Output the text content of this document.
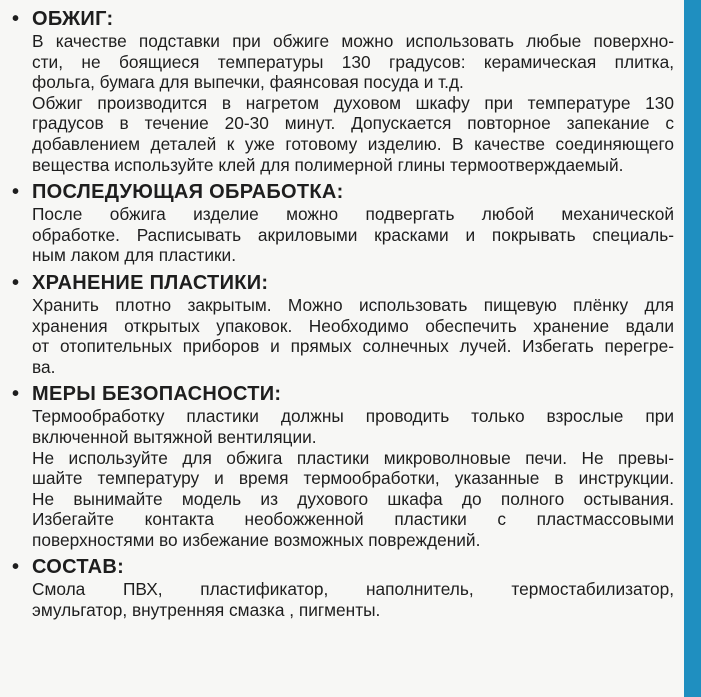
• ОБЖИГ:
В качестве подставки при обжиге можно использовать любые поверхно-
сти, не боящиеся температуры 130 градусов: керамическая плитка,
фольга, бумага для выпечки, фаянсовая посуда и т.д.
Обжиг производится в нагретом духовом шкафу при температуре 130
градусов в течение 20-30 минут. Допускается повторное запекание с
добавлением деталей к уже готовому изделию. В качестве соединяющего
вещества используйте клей для полимерной глины термоотверждаемый.
• ПОСЛЕДУЮЩАЯ ОБРАБОТКА:
После обжига изделие можно подвергать любой механической
обработке. Расписывать акриловыми красками и покрывать специаль-
ным лаком для пластики.
• ХРАНЕНИЕ ПЛАСТИКИ:
Хранить плотно закрытым. Можно использовать пищевую плёнку для
хранения открытых упаковок. Необходимо обеспечить хранение вдали
от отопительных приборов и прямых солнечных лучей. Избегать перегре-
ва.
• МЕРЫ БЕЗОПАСНОСТИ:
Термообработку пластики должны проводить только взрослые при
включенной вытяжной вентиляции.
Не используйте для обжига пластики микроволновые печи. Не превы-
шайте температуру и время термообработки, указанные в инструкции.
Не вынимайте модель из духового шкафа до полного остывания.
Избегайте контакта необожженной пластики с пластмассовыми
поверхностями во избежание возможных повреждений.
• СОСТАВ:
Смола ПВХ, пластификатор, наполнитель, термостабилизатор,
эмульгатор, внутренняя смазка , пигменты.
